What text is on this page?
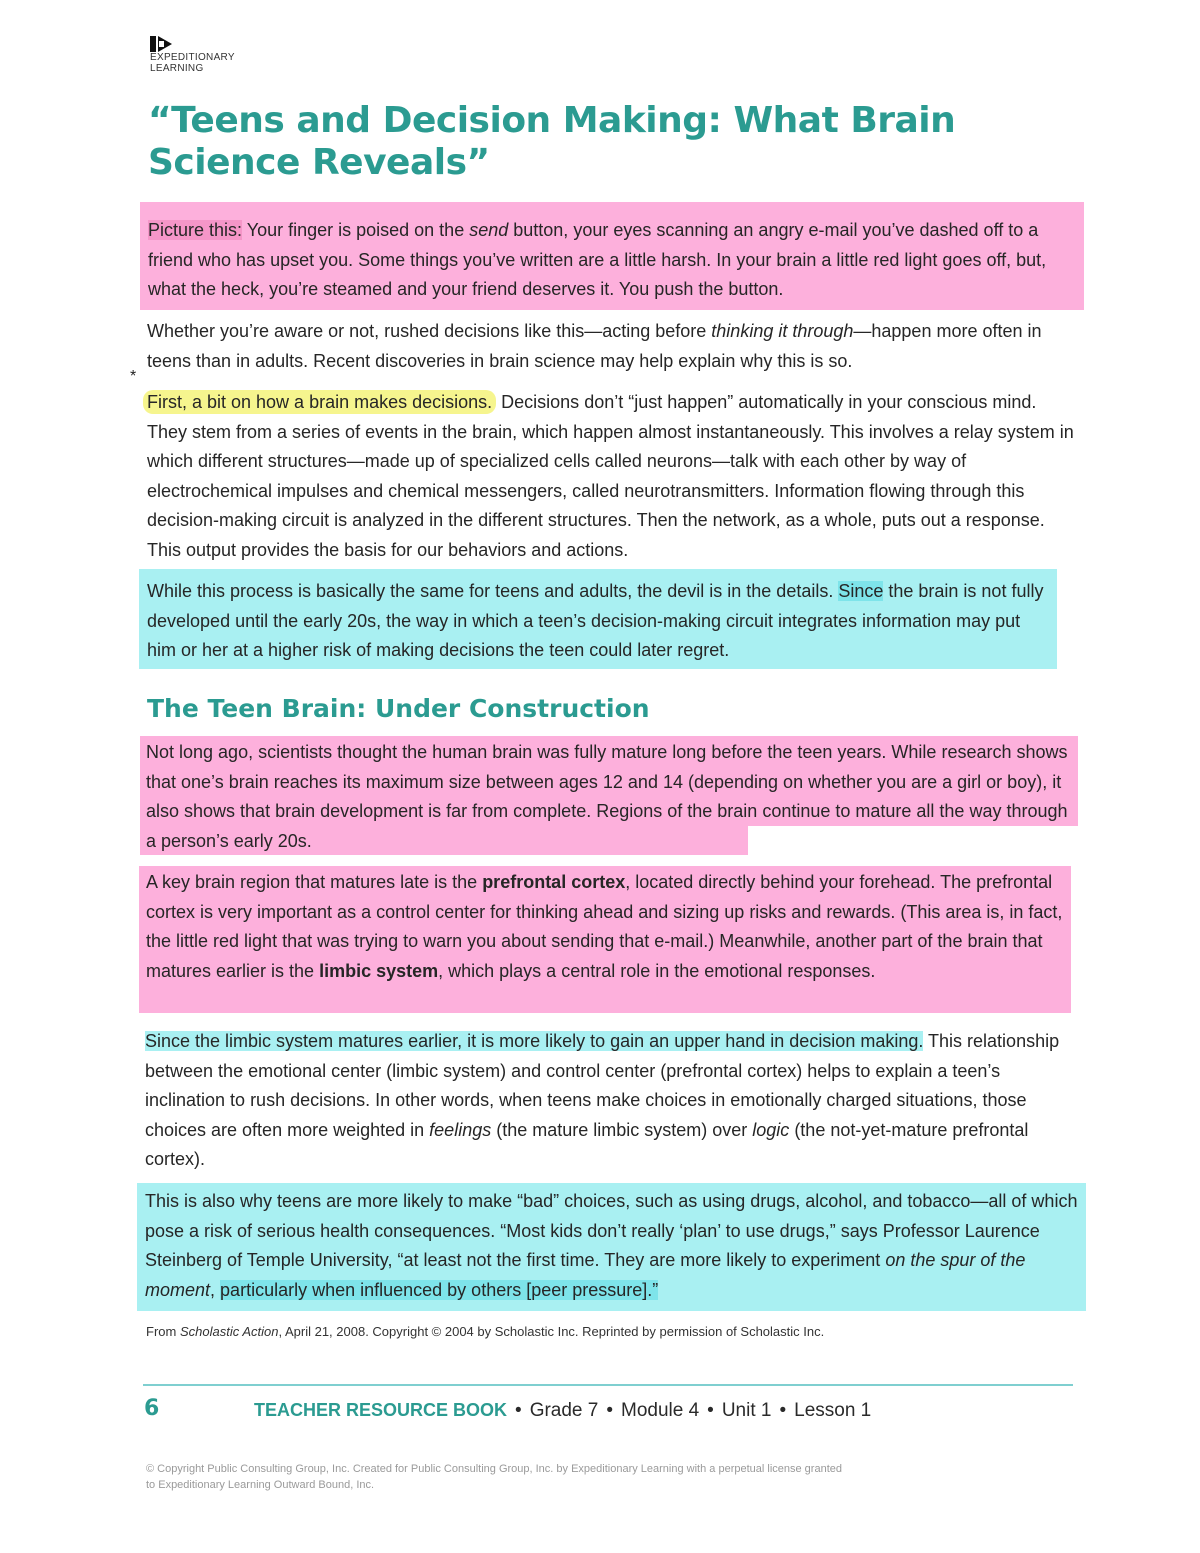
EXPEDITIONARY
LEARNING
“Teens and Decision Making: What Brain Science Reveals”

Picture this: Your finger is poised on the send button, your eyes scanning an angry e-mail you’ve dashed off to a friend who has upset you. Some things you’ve written are a little harsh. In your brain a little red light goes off, but, what the heck, you’re steamed and your friend deserves it. You push the button.

Whether you’re aware or not, rushed decisions like this—acting before thinking it through—happen more often in teens than in adults. Recent discoveries in brain science may help explain why this is so.

*

First, a bit on how a brain makes decisions. Decisions don’t “just happen” automatically in your conscious mind. They stem from a series of events in the brain, which happen almost instantaneously. This involves a relay system in which different structures—made up of specialized cells called neurons—talk with each other by way of electrochemical impulses and chemical messengers, called neurotransmitters. Information flowing through this decision-making circuit is analyzed in the different structures. Then the network, as a whole, puts out a response. This output provides the basis for our behaviors and actions.

While this process is basically the same for teens and adults, the devil is in the details. Since the brain is not fully developed until the early 20s, the way in which a teen’s decision-making circuit integrates information may put him or her at a higher risk of making decisions the teen could later regret.

The Teen Brain: Under Construction

Not long ago, scientists thought the human brain was fully mature long before the teen years. While research shows that one’s brain reaches its maximum size between ages 12 and 14 (depending on whether you are a girl or boy), it also shows that brain development is far from complete. Regions of the brain continue to mature all the way through a person’s early 20s.

A key brain region that matures late is the prefrontal cortex, located directly behind your forehead. The prefrontal cortex is very important as a control center for thinking ahead and sizing up risks and rewards. (This area is, in fact, the little red light that was trying to warn you about sending that e-mail.) Meanwhile, another part of the brain that matures earlier is the limbic system, which plays a central role in the emotional responses.

Since the limbic system matures earlier, it is more likely to gain an upper hand in decision making. This relationship between the emotional center (limbic system) and control center (prefrontal cortex) helps to explain a teen’s inclination to rush decisions. In other words, when teens make choices in emotionally charged situations, those choices are often more weighted in feelings (the mature limbic system) over logic (the not-yet-mature prefrontal cortex).

This is also why teens are more likely to make “bad” choices, such as using drugs, alcohol, and tobacco—all of which pose a risk of serious health consequences. “Most kids don’t really ‘plan’ to use drugs,” says Professor Laurence Steinberg of Temple University, “at least not the first time. They are more likely to experiment on the spur of the moment, particularly when influenced by others [peer pressure].”

From Scholastic Action, April 21, 2008. Copyright © 2004 by Scholastic Inc. Reprinted by permission of Scholastic Inc.

6	TEACHER RESOURCE BOOK • Grade 7 • Module 4 • Unit 1 • Lesson 1

© Copyright Public Consulting Group, Inc. Created for Public Consulting Group, Inc. by Expeditionary Learning with a perpetual license granted to Expeditionary Learning Outward Bound, Inc.
